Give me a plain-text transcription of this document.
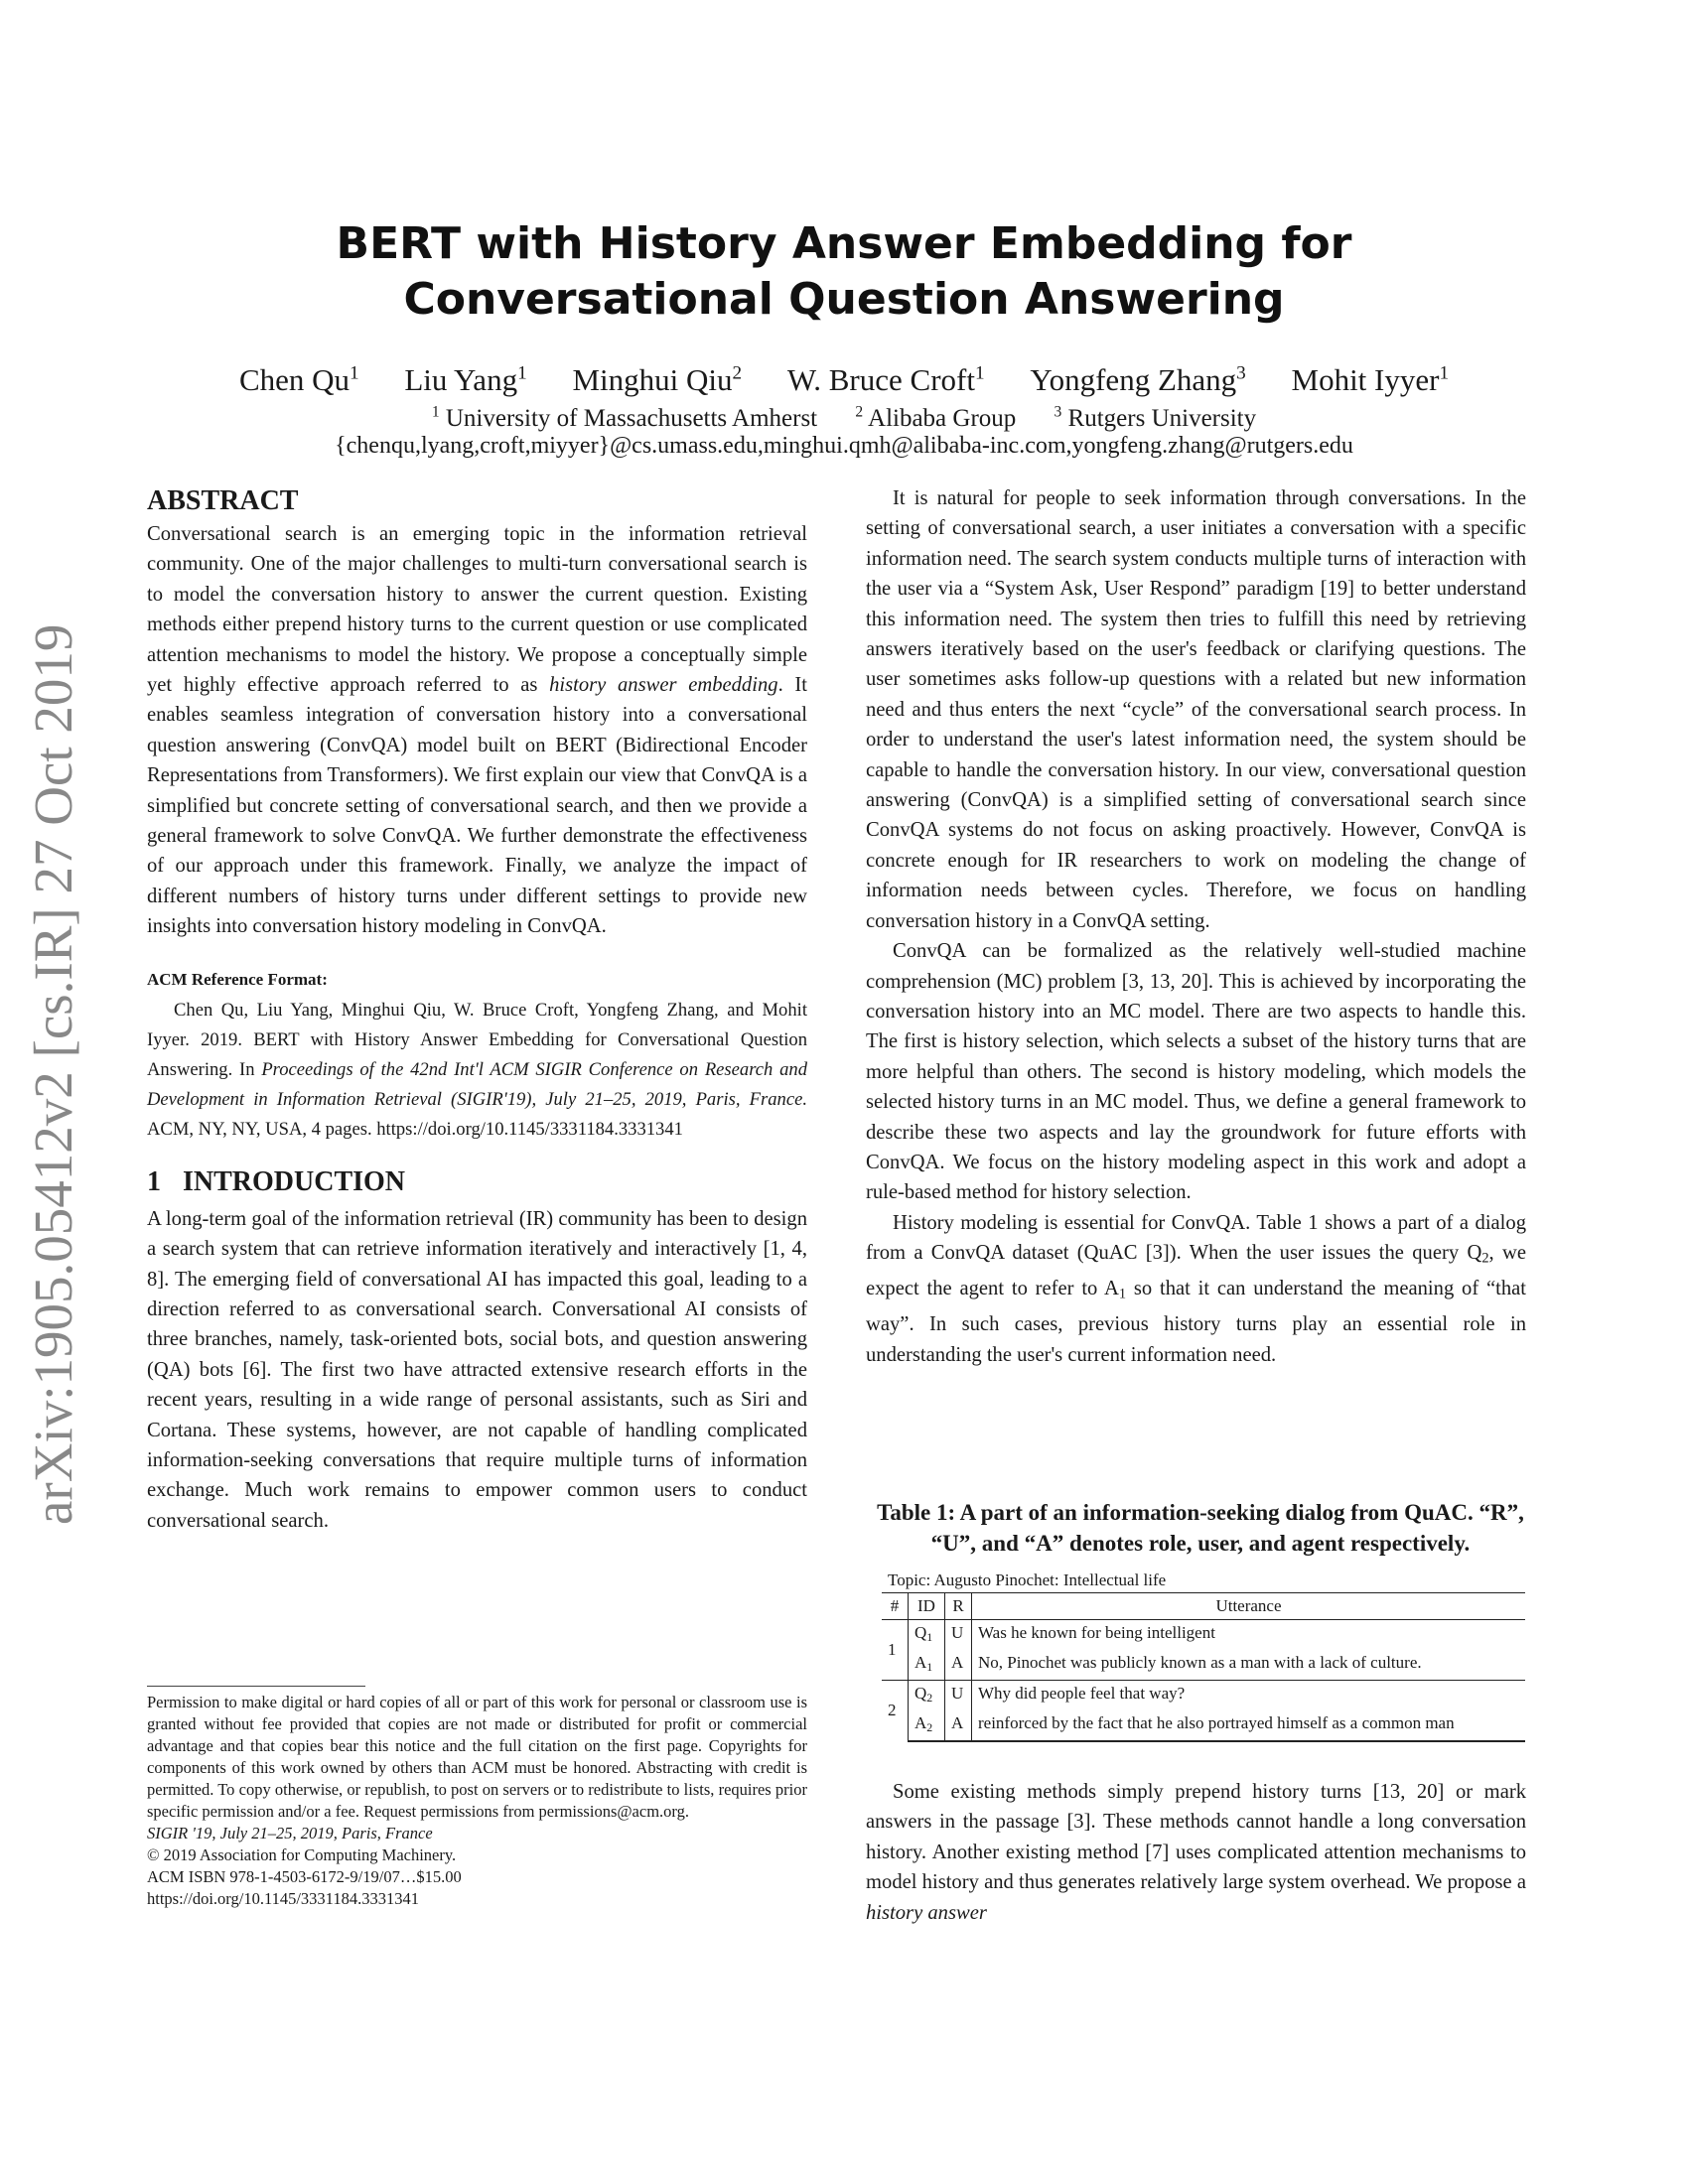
arXiv:1905.05412v2 [cs.IR] 27 Oct 2019
BERT with History Answer Embedding for Conversational Question Answering
Chen Qu$^1$ Liu Yang$^1$ Minghui Qiu$^2$ W. Bruce Croft$^1$ Yongfeng Zhang$^3$ Mohit Iyyer$^1$
$^1$ University of Massachusetts Amherst $^2$ Alibaba Group $^3$ Rutgers University
{chenqu,lyang,croft,miyyer}@cs.umass.edu,minghui.qmh@alibaba-inc.com,yongfeng.zhang@rutgers.edu
ABSTRACT

Conversational search is an emerging topic in the information retrieval community. One of the major challenges to multi-turn conversational search is to model the conversation history to answer the current question. Existing methods either prepend history turns to the current question or use complicated attention mechanisms to model the history. We propose a conceptually simple yet highly effective approach referred to as history answer embedding. It enables seamless integration of conversation history into a conversational question answering (ConvQA) model built on BERT (Bidirectional Encoder Representations from Transformers). We first explain our view that ConvQA is a simplified but concrete setting of conversational search, and then we provide a general framework to solve ConvQA. We further demonstrate the effectiveness of our approach under this framework. Finally, we analyze the impact of different numbers of history turns under different settings to provide new insights into conversation history modeling in ConvQA.

ACM Reference Format:

Chen Qu, Liu Yang, Minghui Qiu, W. Bruce Croft, Yongfeng Zhang, and Mohit Iyyer. 2019. BERT with History Answer Embedding for Conversational Question Answering. In Proceedings of the 42nd Int'l ACM SIGIR Conference on Research and Development in Information Retrieval (SIGIR'19), July 21–25, 2019, Paris, France. ACM, NY, NY, USA, 4 pages. https://doi.org/10.1145/3331184.3331341

1 INTRODUCTION

A long-term goal of the information retrieval (IR) community has been to design a search system that can retrieve information iteratively and interactively [1, 4, 8]. The emerging field of conversational AI has impacted this goal, leading to a direction referred to as conversational search. Conversational AI consists of three branches, namely, task-oriented bots, social bots, and question answering (QA) bots [6]. The first two have attracted extensive research efforts in the recent years, resulting in a wide range of personal assistants, such as Siri and Cortana. These systems, however, are not capable of handling complicated information-seeking conversations that require multiple turns of information exchange. Much work remains to empower common users to conduct conversational search.

Permission to make digital or hard copies of all or part of this work for personal or classroom use is granted without fee provided that copies are not made or distributed for profit or commercial advantage and that copies bear this notice and the full citation on the first page. Copyrights for components of this work owned by others than ACM must be honored. Abstracting with credit is permitted. To copy otherwise, or republish, to post on servers or to redistribute to lists, requires prior specific permission and/or a fee. Request permissions from permissions@acm.org.

SIGIR '19, July 21–25, 2019, Paris, France

© 2019 Association for Computing Machinery.

ACM ISBN 978-1-4503-6172-9/19/07…$15.00

https://doi.org/10.1145/3331184.3331341

It is natural for people to seek information through conversations. In the setting of conversational search, a user initiates a conversation with a specific information need. The search system conducts multiple turns of interaction with the user via a “System Ask, User Respond” paradigm [19] to better understand this information need. The system then tries to fulfill this need by retrieving answers iteratively based on the user's feedback or clarifying questions. The user sometimes asks follow-up questions with a related but new information need and thus enters the next “cycle” of the conversational search process. In order to understand the user's latest information need, the system should be capable to handle the conversation history. In our view, conversational question answering (ConvQA) is a simplified setting of conversational search since ConvQA systems do not focus on asking proactively. However, ConvQA is concrete enough for IR researchers to work on modeling the change of information needs between cycles. Therefore, we focus on handling conversation history in a ConvQA setting.

ConvQA can be formalized as the relatively well-studied machine comprehension (MC) problem [3, 13, 20]. This is achieved by incorporating the conversation history into an MC model. There are two aspects to handle this. The first is history selection, which selects a subset of the history turns that are more helpful than others. The second is history modeling, which models the selected history turns in an MC model. Thus, we define a general framework to describe these two aspects and lay the groundwork for future efforts with ConvQA. We focus on the history modeling aspect in this work and adopt a rule-based method for history selection.

History modeling is essential for ConvQA. Table 1 shows a part of a dialog from a ConvQA dataset (QuAC [3]). When the user issues the query $Q_2$, we expect the agent to refer to $A_1$ so that it can understand the meaning of “that way”. In such cases, previous history turns play an essential role in understanding the user's current information need.

Table 1: A part of an information-seeking dialog from QuAC. “R”, “U”, and “A” denotes role, user, and agent respectively.
Topic: Augusto Pinochet: Intellectual life
#	ID	R	Utterance
1	$Q_1$	U	Was he known for being intelligent
	$A_1$	A	No, Pinochet was publicly known as a man with a lack of culture.
2	$Q_2$	U	Why did people feel that way?
	$A_2$	A	reinforced by the fact that he also portrayed himself as a common man

Some existing methods simply prepend history turns [13, 20] or mark answers in the passage [3]. These methods cannot handle a long conversation history. Another existing method [7] uses complicated attention mechanisms to model history and thus generates relatively large system overhead. We propose a history answer
